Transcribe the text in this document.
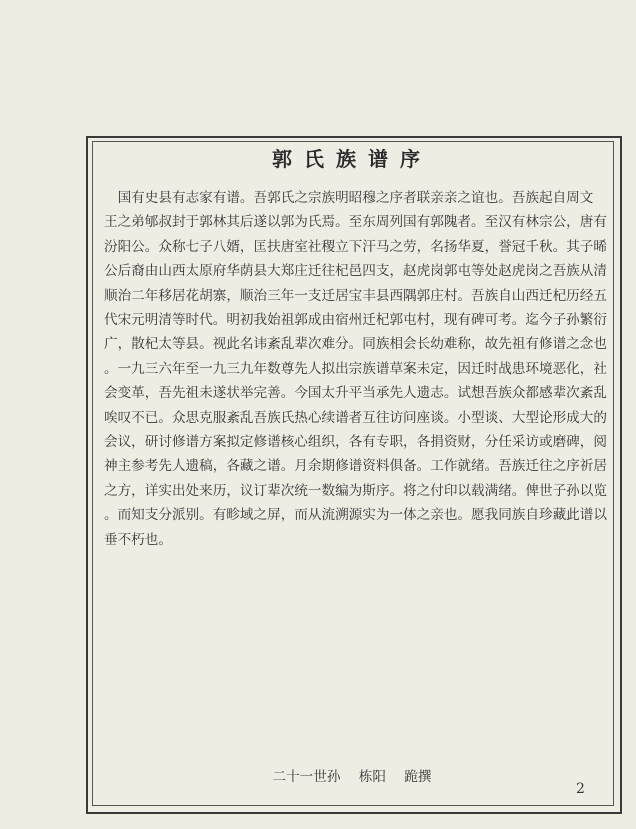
郭氏族谱序

　国有史县有志家有谱。吾郭氏之宗族明昭穆之序者联亲亲之谊也。吾族起自周文

王之弟郇叔封于郭林其后遂以郭为氏焉。至东周列国有郭隗者。至汉有林宗公，唐有

汾阳公。众称七子八婿，匡扶唐室社稷立下汗马之劳，名扬华夏，誉冠千秋。其子晞

公后裔由山西太原府华荫县大郑庄迁往杞邑四支，赵虎岗郭屯等处赵虎岗之吾族从清

顺治二年移居花胡寨，顺治三年一支迁居宝丰县西隅郭庄村。吾族自山西迁杞历经五

代宋元明清等时代。明初我始祖郭成由宿州迁杞郭屯村，现有碑可考。迄今子孙繁衍

广，散杞太等县。视此名讳紊乱辈次难分。同族相会长幼难称，故先祖有修谱之念也

。一九三六年至一九三九年数尊先人拟出宗族谱草案未定，因迁时战患环境恶化，社

会变革，吾先祖未遂状举完善。今国太升平当承先人遗志。试想吾族众都感辈次紊乱

唉叹不已。众思克服紊乱吾族氏热心续谱者互往访问座谈。小型谈、大型论形成大的

会议，研讨修谱方案拟定修谱核心组织，各有专职，各捐资财，分任采访或磨碑，阅

神主参考先人遗稿，各藏之谱。月余期修谱资料俱备。工作就绪。吾族迁往之序祈居

之方，详实出处来历，议订辈次统一数编为斯序。将之付印以载满绪。俾世子孙以览

。而知支分派别。有畛域之屏，而从流溯源实为一体之亲也。愿我同族自珍藏此谱以

垂不朽也。

二十一世孙 栋阳 跪撰
2
